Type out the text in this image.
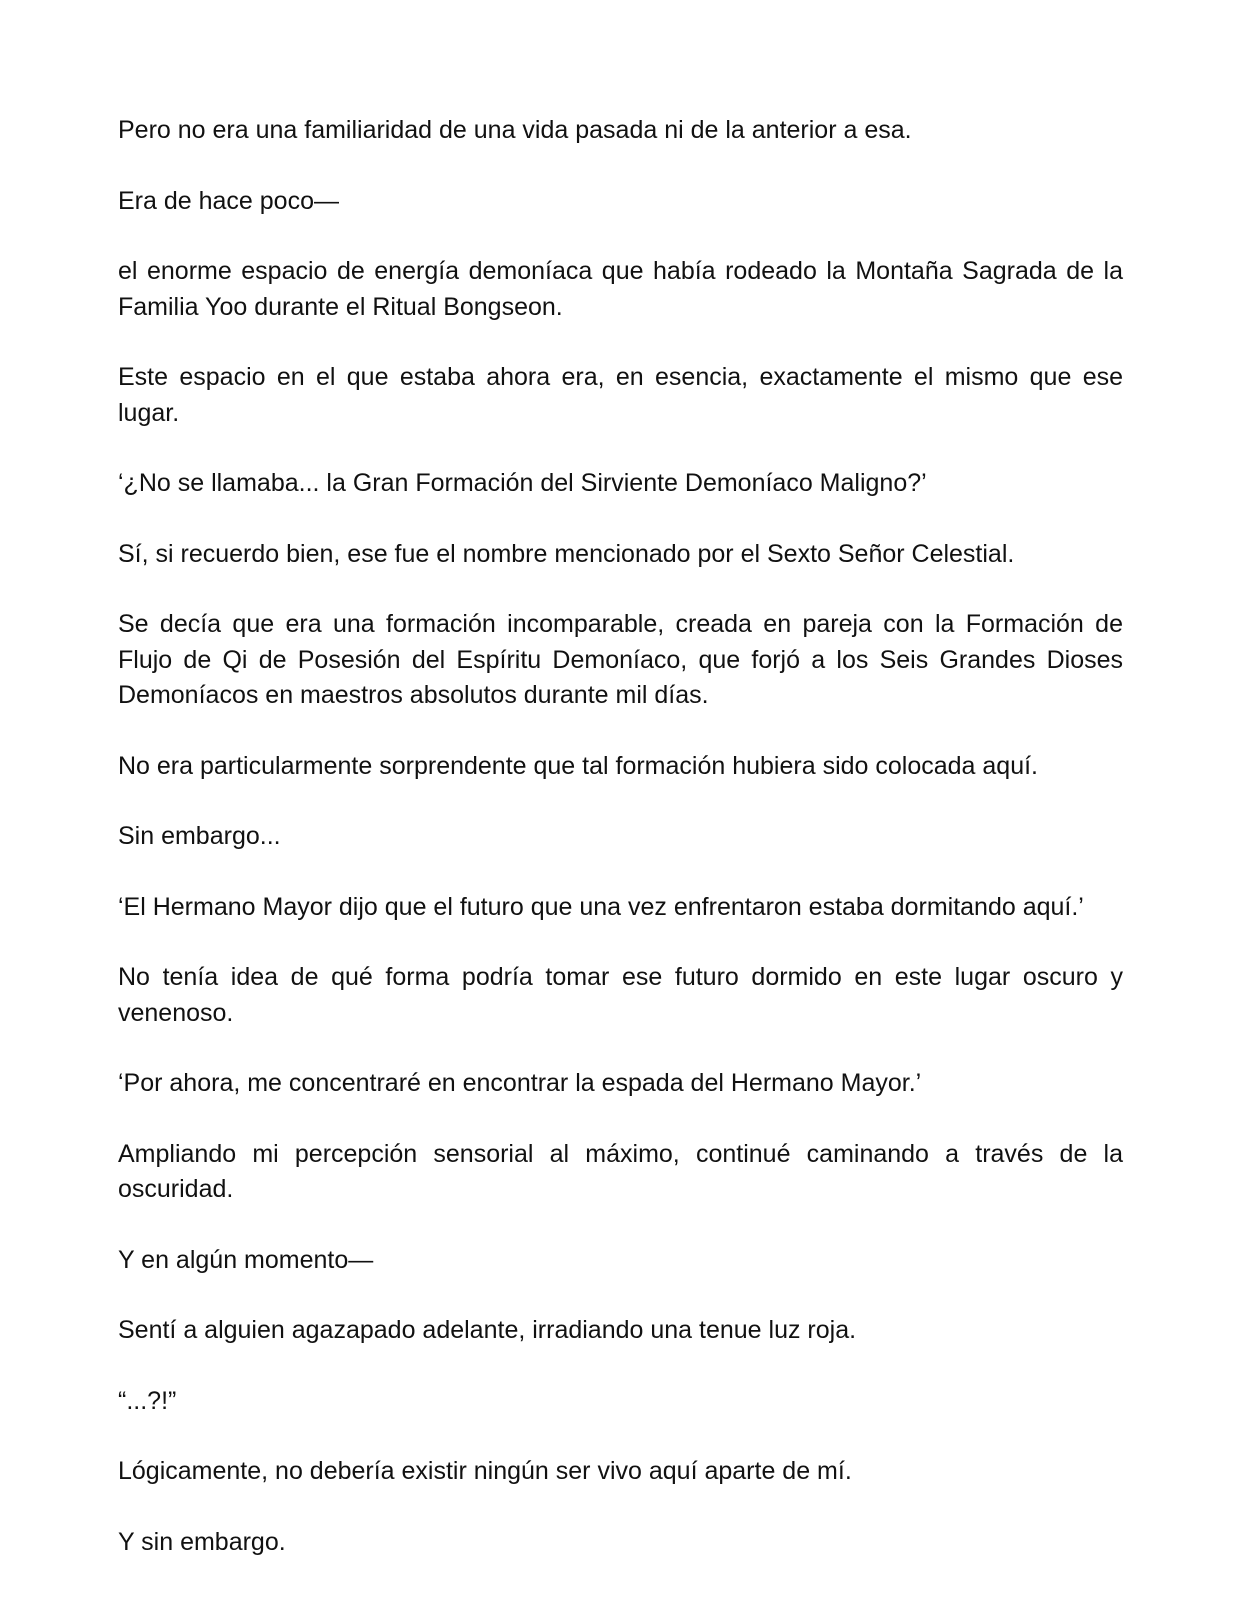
Pero no era una familiaridad de una vida pasada ni de la anterior a esa.

Era de hace poco—

el enorme espacio de energía demoníaca que había rodeado la Montaña Sagrada de la Familia Yoo durante el Ritual Bongseon.

Este espacio en el que estaba ahora era, en esencia, exactamente el mismo que ese lugar.

‘¿No se llamaba... la Gran Formación del Sirviente Demoníaco Maligno?’

Sí, si recuerdo bien, ese fue el nombre mencionado por el Sexto Señor Celestial.

Se decía que era una formación incomparable, creada en pareja con la Formación de Flujo de Qi de Posesión del Espíritu Demoníaco, que forjó a los Seis Grandes Dioses Demoníacos en maestros absolutos durante mil días.

No era particularmente sorprendente que tal formación hubiera sido colocada aquí.

Sin embargo...

‘El Hermano Mayor dijo que el futuro que una vez enfrentaron estaba dormitando aquí.’

No tenía idea de qué forma podría tomar ese futuro dormido en este lugar oscuro y venenoso.

‘Por ahora, me concentraré en encontrar la espada del Hermano Mayor.’

Ampliando mi percepción sensorial al máximo, continué caminando a través de la oscuridad.

Y en algún momento—

Sentí a alguien agazapado adelante, irradiando una tenue luz roja.

“...?!”

Lógicamente, no debería existir ningún ser vivo aquí aparte de mí.

Y sin embargo.
